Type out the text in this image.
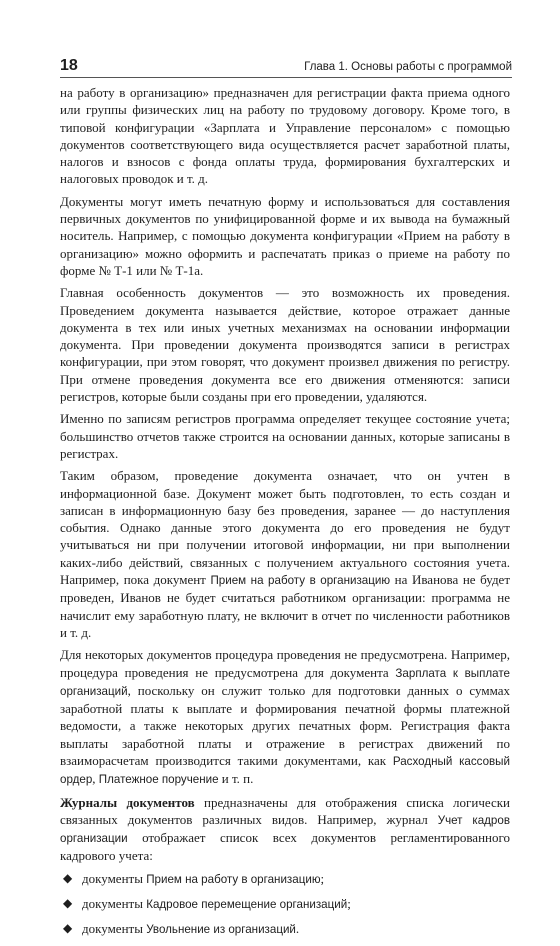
18	Глава 1. Основы работы с программой

на работу в организацию» предназначен для регистрации факта приема одного или группы физических лиц на работу по трудовому договору. Кроме того, в типовой конфигурации «Зарплата и Управление персоналом» с помощью документов соответствующего вида осуществляется расчет заработной платы, налогов и взносов с фонда оплаты труда, формирования бухгалтерских и налоговых проводок и т. д.

Документы могут иметь печатную форму и использоваться для составления первичных документов по унифицированной форме и их вывода на бумажный носитель. Например, с помощью документа конфигурации «Прием на работу в организацию» можно оформить и распечатать приказ о приеме на работу по форме № Т-1 или № Т-1а.

Главная особенность документов — это возможность их проведения. Проведением документа называется действие, которое отражает данные документа в тех или иных учетных механизмах на основании информации документа. При проведении документа производятся записи в регистрах конфигурации, при этом говорят, что документ произвел движения по регистру. При отмене проведения документа все его движения отменяются: записи регистров, которые были созданы при его проведении, удаляются.

Именно по записям регистров программа определяет текущее состояние учета; большинство отчетов также строится на основании данных, которые записаны в регистрах.

Таким образом, проведение документа означает, что он учтен в информационной базе. Документ может быть подготовлен, то есть создан и записан в информационную базу без проведения, заранее — до наступления события. Однако данные этого документа до его проведения не будут учитываться ни при получении итоговой информации, ни при выполнении каких-либо действий, связанных с получением актуального состояния учета. Например, пока документ Прием на работу в организацию на Иванова не будет проведен, Иванов не будет считаться работником организации: программа не начислит ему заработную плату, не включит в отчет по численности работников и т. д.

Для некоторых документов процедура проведения не предусмотрена. Например, процедура проведения не предусмотрена для документа Зарплата к выплате организаций, поскольку он служит только для подготовки данных о суммах заработной платы к выплате и формирования печатной формы платежной ведомости, а также некоторых других печатных форм. Регистрация факта выплаты заработной платы и отражение в регистрах движений по взаиморасчетам производится такими документами, как Расходный кассовый ордер, Платежное поручение и т. п.

Журналы документов предназначены для отображения списка логически связанных документов различных видов. Например, журнал Учет кадров организации отображает список всех документов регламентированного кадрового учета:

◆ документы Прием на работу в организацию;
◆ документы Кадровое перемещение организаций;
◆ документы Увольнение из организаций.
